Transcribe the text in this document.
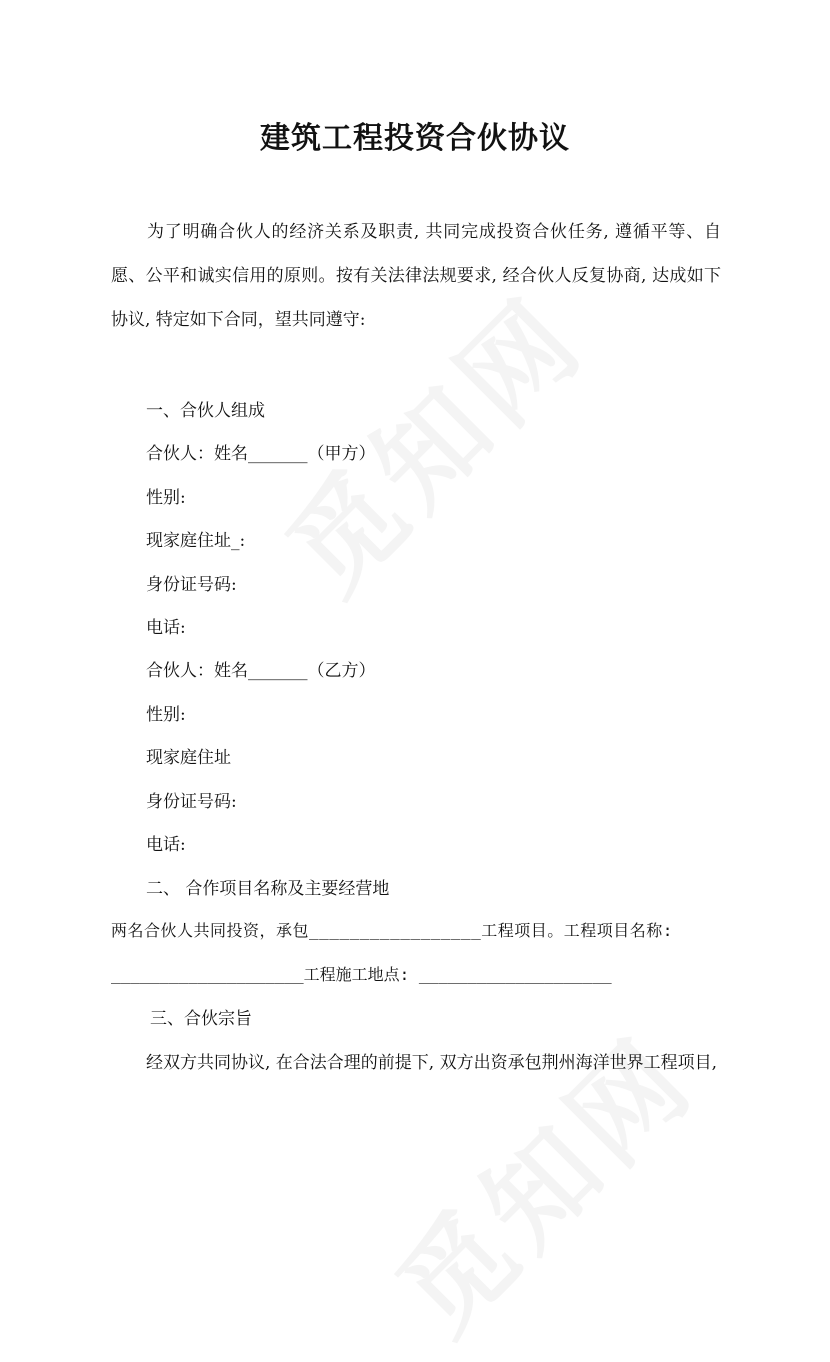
建筑工程投资合伙协议
为了明确合伙人的经济关系及职责, 共同完成投资合伙任务, 遵循平等、自愿、公平和诚实信用的原则。按有关法律法规要求, 经合伙人反复协商, 达成如下协议, 特定如下合同，望共同遵守:
一、合伙人组成
合伙人：姓名_______（甲方）
性别:
现家庭住址_:
身份证号码:
电话:
合伙人：姓名_______（乙方）
性别:
现家庭住址
身份证号码:
电话:
二、 合作项目名称及主要经营地
两名合伙人共同投资，承包_________________工程项目。工程项目名称:
____________________工程施工地点: ____________________
三、合伙宗旨
经双方共同协议, 在合法合理的前提下, 双方出资承包荆州海洋世界工程项目,
